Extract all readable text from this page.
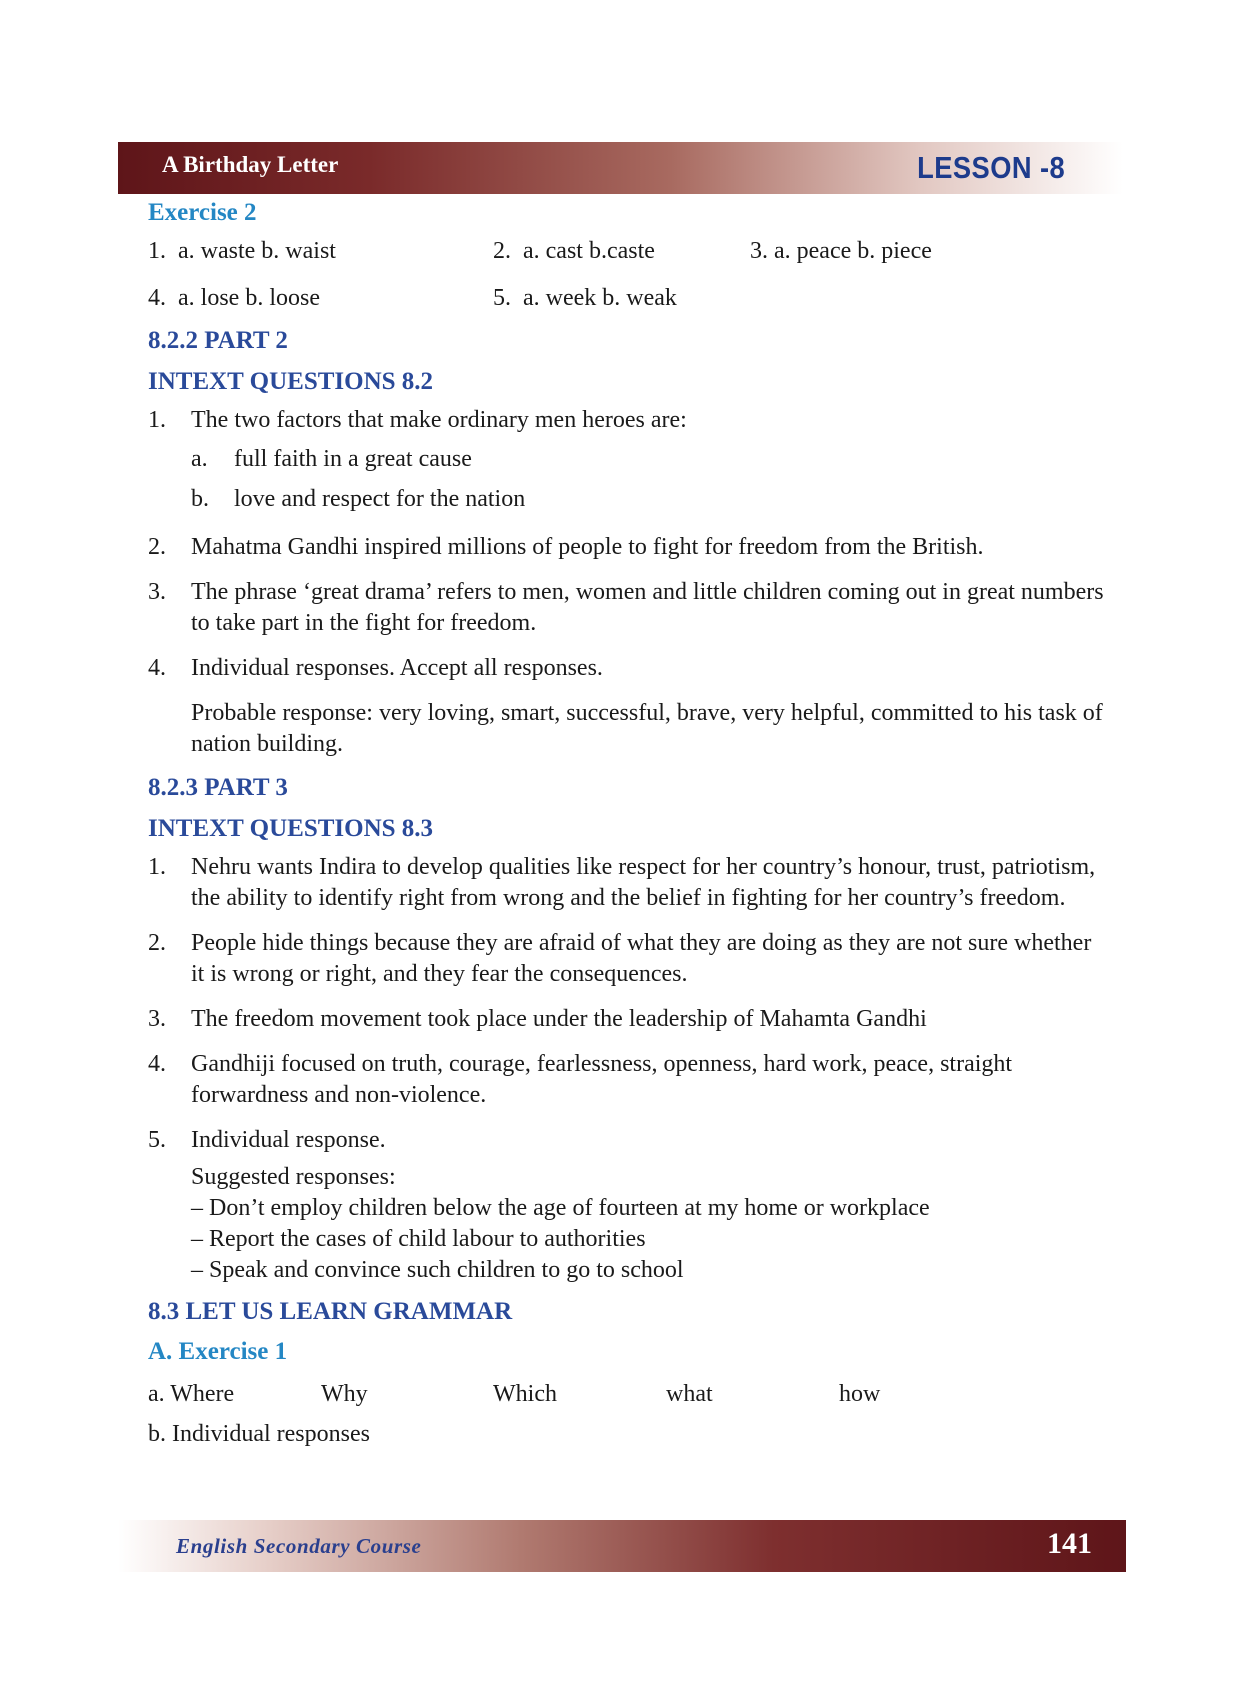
A Birthday Letter	LESSON -8
Exercise 2
1. a. waste b. waist	2. a. cast b.caste	3. a. peace b. piece
4. a. lose b. loose	5. a. week b. weak
8.2.2 PART 2
INTEXT QUESTIONS 8.2
1. The two factors that make ordinary men heroes are:
a. full faith in a great cause
b. love and respect for the nation
2. Mahatma Gandhi inspired millions of people to fight for freedom from the British.
3. The phrase ‘great drama’ refers to men, women and little children coming out in great numbers to take part in the fight for freedom.
4. Individual responses. Accept all responses.
Probable response: very loving, smart, successful, brave, very helpful, committed to his task of nation building.
8.2.3 PART 3
INTEXT QUESTIONS 8.3
1. Nehru wants Indira to develop qualities like respect for her country’s honour, trust, patriotism, the ability to identify right from wrong and the belief in fighting for her country’s freedom.
2. People hide things because they are afraid of what they are doing as they are not sure whether it is wrong or right, and they fear the consequences.
3. The freedom movement took place under the leadership of Mahamta Gandhi
4. Gandhiji focused on truth, courage, fearlessness, openness, hard work, peace, straight forwardness and non-violence.
5. Individual response.
Suggested responses:
– Don’t employ children below the age of fourteen at my home or workplace
– Report the cases of child labour to authorities
– Speak and convince such children to go to school
8.3 LET US LEARN GRAMMAR
A. Exercise 1
a. Where	Why	Which	what	how
b. Individual responses
English Secondary Course	141
